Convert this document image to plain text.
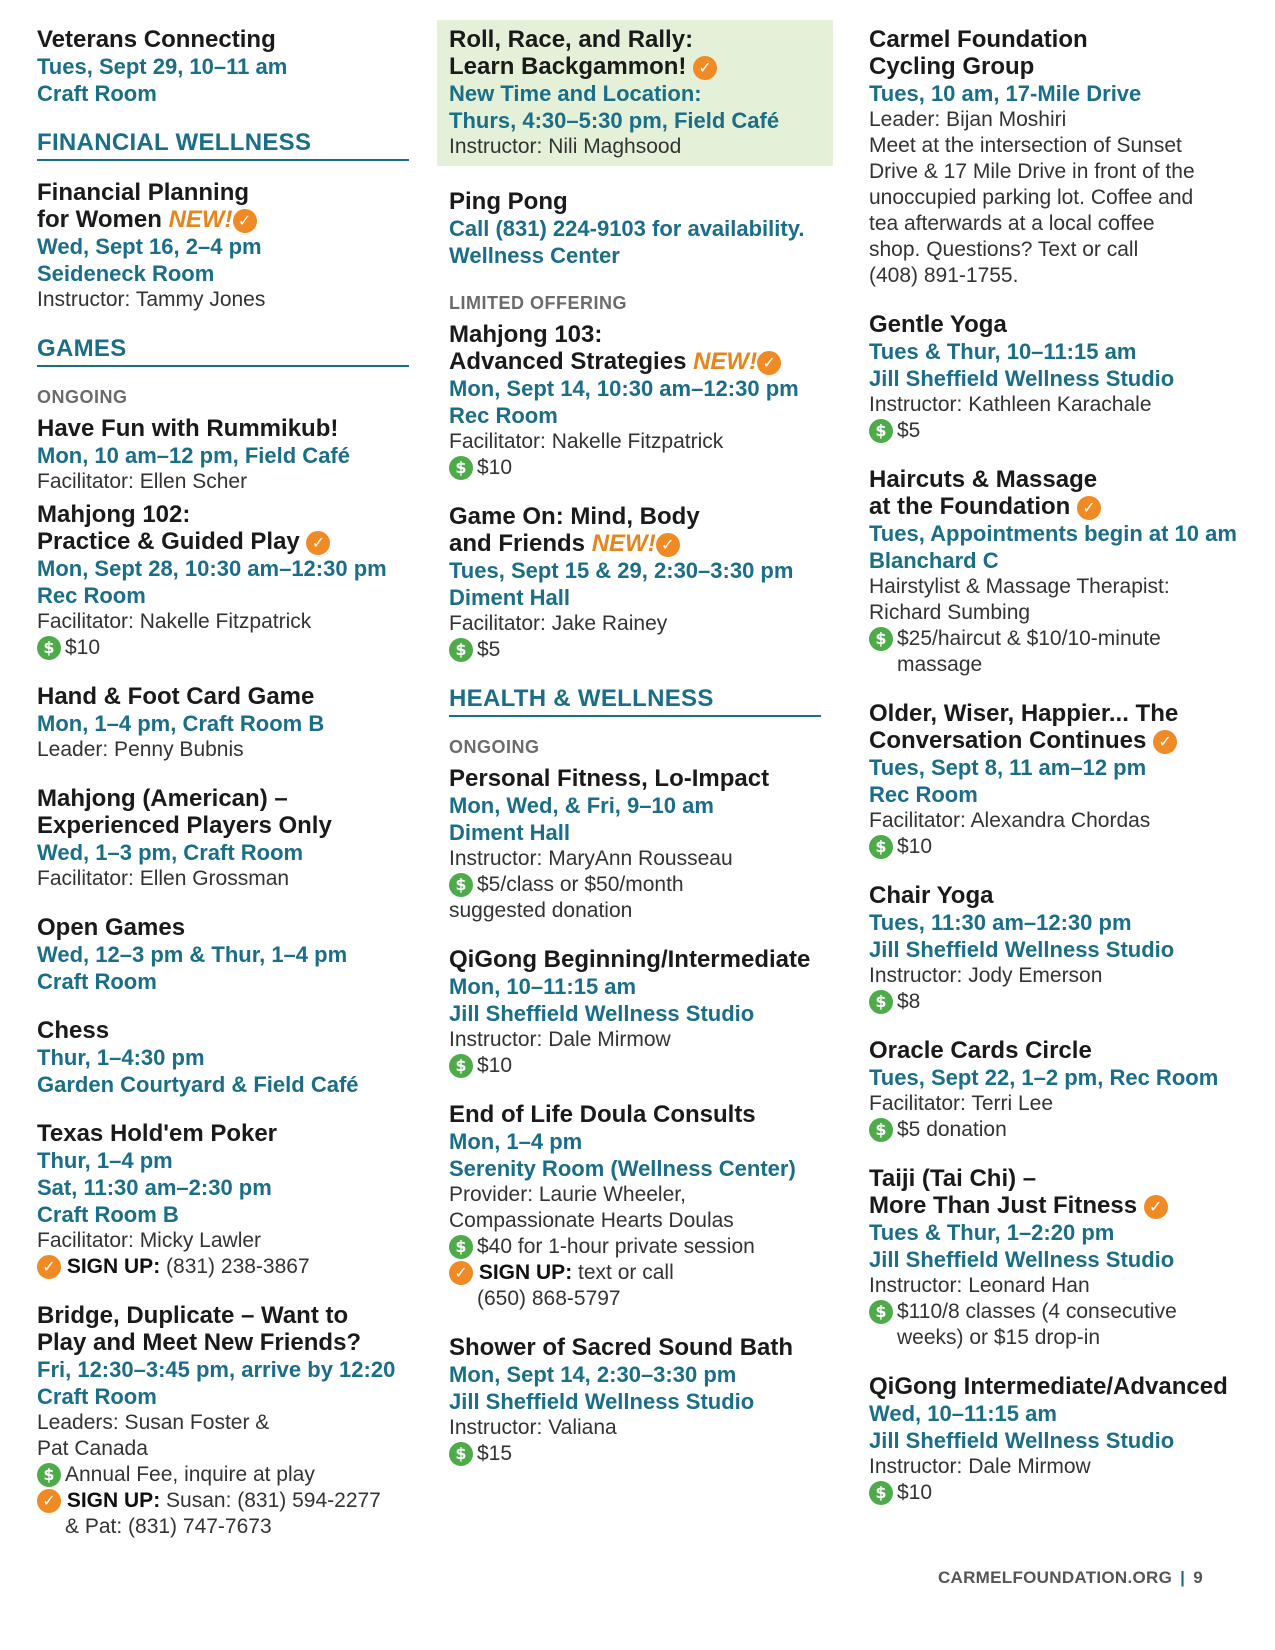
Veterans Connecting
Tues, Sept 29, 10–11 am
Craft Room
FINANCIAL WELLNESS
Financial Planning
for Women NEW! ✓
Wed, Sept 16, 2–4 pm
Seideneck Room
Instructor: Tammy Jones
GAMES
ONGOING
Have Fun with Rummikub!
Mon, 10 am–12 pm, Field Café
Facilitator: Ellen Scher
Mahjong 102:
Practice & Guided Play ✓
Mon, Sept 28, 10:30 am–12:30 pm
Rec Room
Facilitator: Nakelle Fitzpatrick
$ $10
Hand & Foot Card Game
Mon, 1–4 pm, Craft Room B
Leader: Penny Bubnis
Mahjong (American) –
Experienced Players Only
Wed, 1–3 pm, Craft Room
Facilitator: Ellen Grossman
Open Games
Wed, 12–3 pm & Thur, 1–4 pm
Craft Room
Chess
Thur, 1–4:30 pm
Garden Courtyard & Field Café
Texas Hold'em Poker
Thur, 1–4 pm
Sat, 11:30 am–2:30 pm
Craft Room B
Facilitator: Micky Lawler
✓ SIGN UP: (831) 238-3867
Bridge, Duplicate – Want to
Play and Meet New Friends?
Fri, 12:30–3:45 pm, arrive by 12:20
Craft Room
Leaders: Susan Foster &
Pat Canada
$ Annual Fee, inquire at play
✓ SIGN UP: Susan: (831) 594-2277
& Pat: (831) 747-7673
Roll, Race, and Rally:
Learn Backgammon! ✓
New Time and Location:
Thurs, 4:30–5:30 pm, Field Café
Instructor: Nili Maghsood
Ping Pong
Call (831) 224-9103 for availability.
Wellness Center
LIMITED OFFERING
Mahjong 103:
Advanced Strategies NEW! ✓
Mon, Sept 14, 10:30 am–12:30 pm
Rec Room
Facilitator: Nakelle Fitzpatrick
$ $10
Game On: Mind, Body
and Friends NEW! ✓
Tues, Sept 15 & 29, 2:30–3:30 pm
Diment Hall
Facilitator: Jake Rainey
$ $5
HEALTH & WELLNESS
ONGOING
Personal Fitness, Lo-Impact
Mon, Wed, & Fri, 9–10 am
Diment Hall
Instructor: MaryAnn Rousseau
$ $5/class or $50/month
suggested donation
QiGong Beginning/Intermediate
Mon, 10–11:15 am
Jill Sheffield Wellness Studio
Instructor: Dale Mirmow
$ $10
End of Life Doula Consults
Mon, 1–4 pm
Serenity Room (Wellness Center)
Provider: Laurie Wheeler,
Compassionate Hearts Doulas
$ $40 for 1-hour private session
✓ SIGN UP: text or call
(650) 868-5797
Shower of Sacred Sound Bath
Mon, Sept 14, 2:30–3:30 pm
Jill Sheffield Wellness Studio
Instructor: Valiana
$ $15
Carmel Foundation
Cycling Group
Tues, 10 am, 17-Mile Drive
Leader: Bijan Moshiri
Meet at the intersection of Sunset
Drive & 17 Mile Drive in front of the
unoccupied parking lot. Coffee and
tea afterwards at a local coffee
shop. Questions? Text or call
(408) 891-1755.
Gentle Yoga
Tues & Thur, 10–11:15 am
Jill Sheffield Wellness Studio
Instructor: Kathleen Karachale
$ $5
Haircuts & Massage
at the Foundation ✓
Tues, Appointments begin at 10 am
Blanchard C
Hairstylist & Massage Therapist:
Richard Sumbing
$ $25/haircut & $10/10-minute
massage
Older, Wiser, Happier... The
Conversation Continues ✓
Tues, Sept 8, 11 am–12 pm
Rec Room
Facilitator: Alexandra Chordas
$ $10
Chair Yoga
Tues, 11:30 am–12:30 pm
Jill Sheffield Wellness Studio
Instructor: Jody Emerson
$ $8
Oracle Cards Circle
Tues, Sept 22, 1–2 pm, Rec Room
Facilitator: Terri Lee
$ $5 donation
Taiji (Tai Chi) –
More Than Just Fitness ✓
Tues & Thur, 1–2:20 pm
Jill Sheffield Wellness Studio
Instructor: Leonard Han
$ $110/8 classes (4 consecutive
weeks) or $15 drop-in
QiGong Intermediate/Advanced
Wed, 10–11:15 am
Jill Sheffield Wellness Studio
Instructor: Dale Mirmow
$ $10
CARMELFOUNDATION.ORG | 9
